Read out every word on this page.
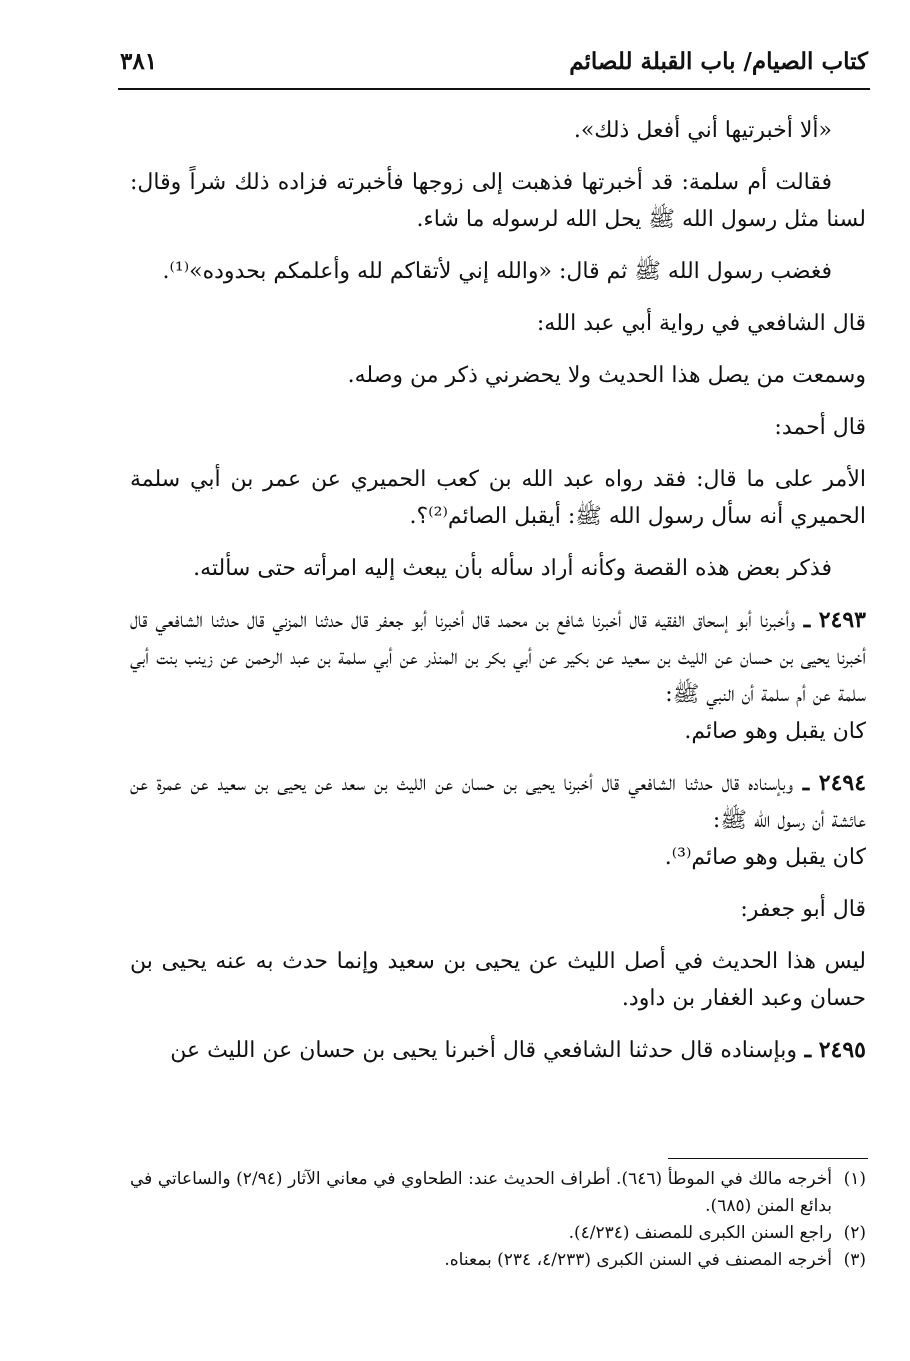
كتاب الصيام/ باب القبلة للصائم
٣٨١

«ألا أخبرتيها أني أفعل ذلك».

فقالت أم سلمة: قد أخبرتها فذهبت إلى زوجها فأخبرته فزاده ذلك شراً وقال: لسنا مثل رسول الله ﷺ يحل الله لرسوله ما شاء.

فغضب رسول الله ﷺ ثم قال: «والله إني لأتقاكم لله وأعلمكم بحدوده»⁽¹⁾.

قال الشافعي في رواية أبي عبد الله:

وسمعت من يصل هذا الحديث ولا يحضرني ذكر من وصله.

قال أحمد:

الأمر على ما قال: فقد رواه عبد الله بن كعب الحميري عن عمر بن أبي سلمة الحميري أنه سأل رسول الله ﷺ: أيقبل الصائم⁽²⁾؟.

فذكر بعض هذه القصة وكأنه أراد سأله بأن يبعث إليه امرأته حتى سألته.

٢٤٩٣ ـ وأخبرنا أبو إسحاق الفقيه قال أخبرنا شافع بن محمد قال أخبرنا أبو جعفر قال حدثنا المزني قال حدثنا الشافعي قال أخبرنا يحيى بن حسان عن الليث بن سعيد عن بكير عن أبي بكر بن المنذر عن أبي سلمة بن عبد الرحمن عن زينب بنت أبي سلمة عن أم سلمة أن النبي ﷺ:

كان يقبل وهو صائم.

٢٤٩٤ ـ وبإسناده قال حدثنا الشافعي قال أخبرنا يحيى بن حسان عن الليث بن سعد عن يحيى بن سعيد عن عمرة عن عائشة أن رسول الله ﷺ:

كان يقبل وهو صائم⁽³⁾.

قال أبو جعفر:

ليس هذا الحديث في أصل الليث عن يحيى بن سعيد وإنما حدث به عنه يحيى بن حسان وعبد الغفار بن داود.

٢٤٩٥ ـ وبإسناده قال حدثنا الشافعي قال أخبرنا يحيى بن حسان عن الليث عن

(١)
أخرجه مالك في الموطأ (٦٤٦). أطراف الحديث عند: الطحاوي في معاني الآثار (٢/٩٤) والساعاتي في بدائع المنن (٦٨٥).
(٢)
راجع السنن الكبرى للمصنف (٤/٢٣٤).
(٣)
أخرجه المصنف في السنن الكبرى (٤/٢٣٣، ٢٣٤) بمعناه.
